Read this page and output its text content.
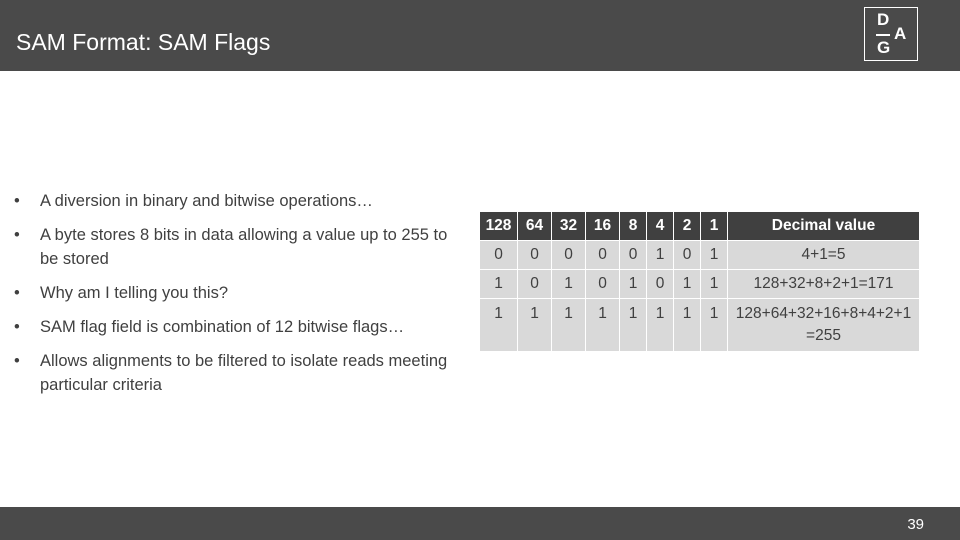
SAM Format: SAM Flags
D
A
G
• A diversion in binary and bitwise operations…
• A byte stores 8 bits in data allowing a value up to 255 to be stored
• Why am I telling you this?
• SAM flag field is combination of 12 bitwise flags…
• Allows alignments to be filtered to isolate reads meeting particular criteria
128	64	32	16	8	4	2	1	Decimal value
0	0	0	0	0	1	0	1	4+1=5
1	0	1	0	1	0	1	1	128+32+8+2+1=171
1	1	1	1	1	1	1	1	128+64+32+16+8+4+2+1 =255
39
